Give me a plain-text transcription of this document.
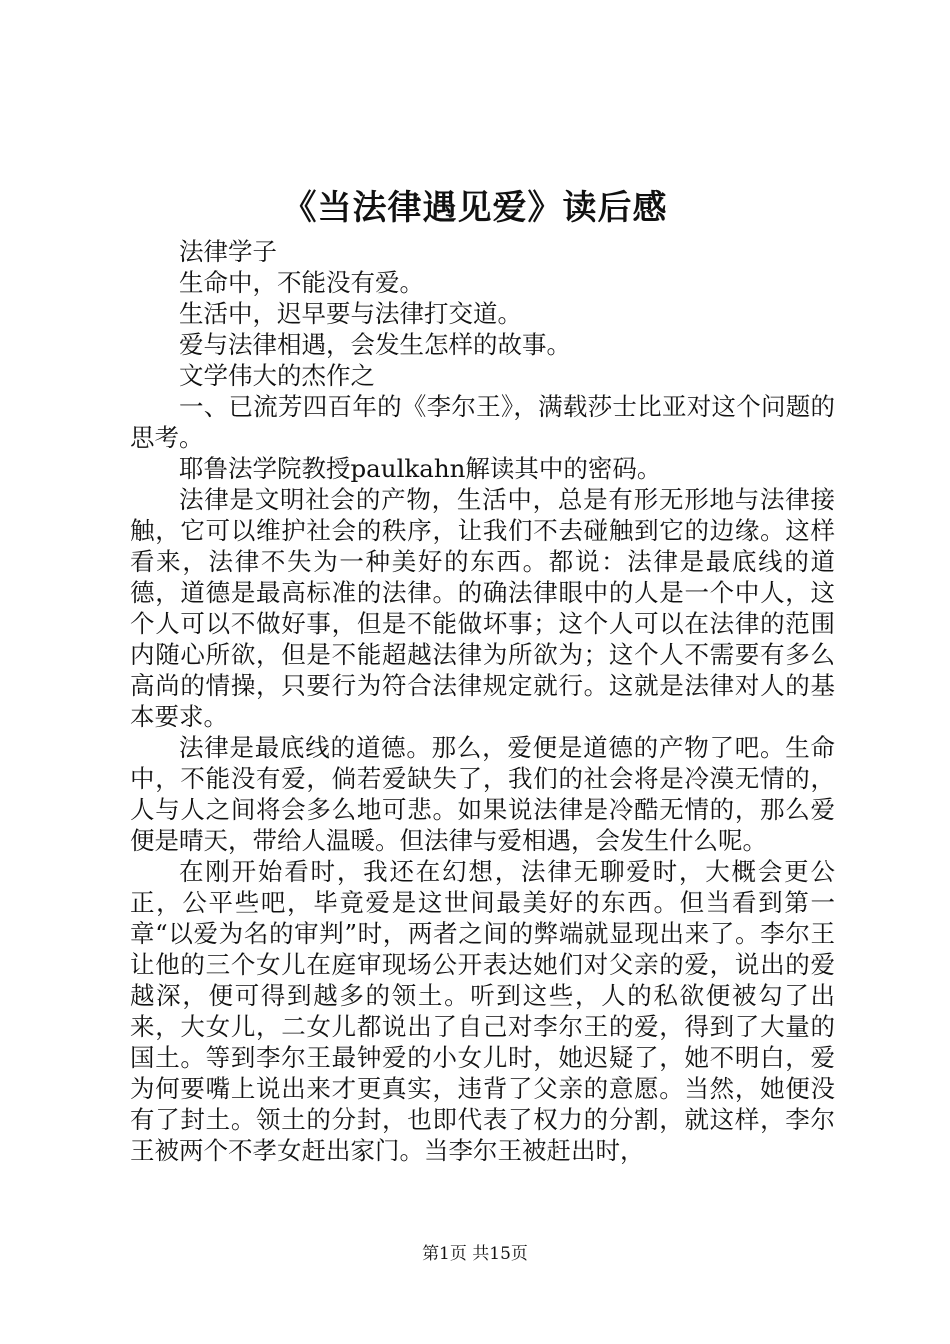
《当法律遇见爱》读后感

法律学子

生命中，不能没有爱。

生活中，迟早要与法律打交道。

爱与法律相遇，会发生怎样的故事。

文学伟大的杰作之

一、已流芳四百年的《李尔王》，满载莎士比亚对这个问题的思考。

耶鲁法学院教授paulkahn解读其中的密码。

法律是文明社会的产物，生活中，总是有形无形地与法律接触，它可以维护社会的秩序，让我们不去碰触到它的边缘。这样看来，法律不失为一种美好的东西。都说：法律是最底线的道德，道德是最高标准的法律。的确法律眼中的人是一个中人，这个人可以不做好事，但是不能做坏事；这个人可以在法律的范围内随心所欲，但是不能超越法律为所欲为；这个人不需要有多么高尚的情操，只要行为符合法律规定就行。这就是法律对人的基本要求。

法律是最底线的道德。那么，爱便是道德的产物了吧。生命中，不能没有爱，倘若爱缺失了，我们的社会将是冷漠无情的，人与人之间将会多么地可悲。如果说法律是冷酷无情的，那么爱便是晴天，带给人温暖。但法律与爱相遇，会发生什么呢。

在刚开始看时，我还在幻想，法律无聊爱时，大概会更公正，公平些吧，毕竟爱是这世间最美好的东西。但当看到第一章“以爱为名的审判”时，两者之间的弊端就显现出来了。李尔王让他的三个女儿在庭审现场公开表达她们对父亲的爱，说出的爱越深，便可得到越多的领土。听到这些，人的私欲便被勾了出来，大女儿，二女儿都说出了自己对李尔王的爱，得到了大量的国土。等到李尔王最钟爱的小女儿时，她迟疑了，她不明白，爱为何要嘴上说出来才更真实，违背了父亲的意愿。当然，她便没有了封土。领土的分封，也即代表了权力的分割，就这样，李尔王被两个不孝女赶出家门。当李尔王被赶出时，

第1页 共15页
